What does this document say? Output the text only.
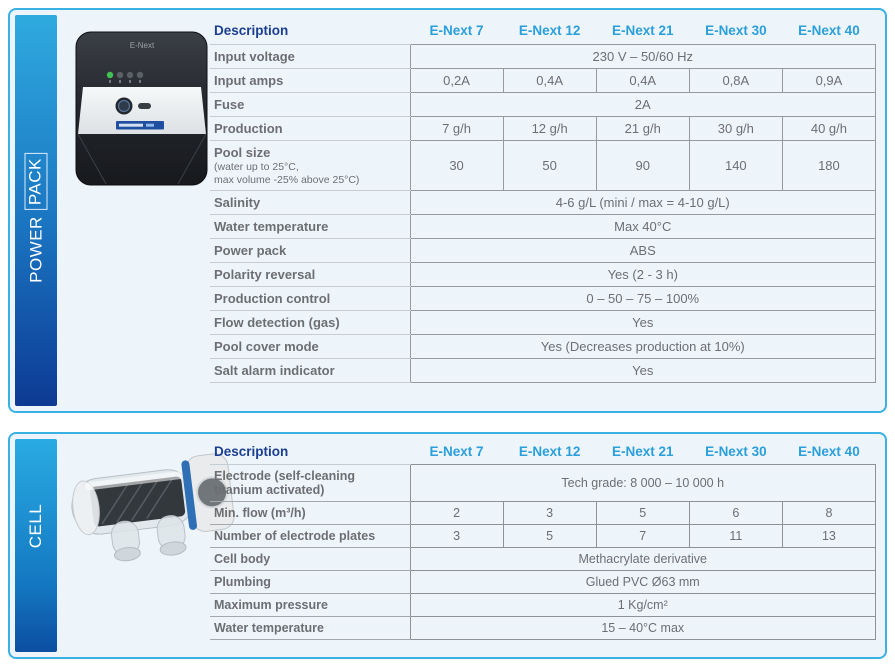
POWER
PACK
E-Next
Description	E-Next 7	E-Next 12	E-Next 21	E-Next 30	E-Next 40
Input voltage	230 V – 50/60 Hz				
Input amps	0,2A	0,4A	0,4A	0,8A	0,9A
Fuse	2A				
Production	7 g/h	12 g/h	21 g/h	30 g/h	40 g/h

Pool size
(water up to 25°C,
max volume -25% above 25°C)	30	50	90	140	180
Salinity	4-6 g/L (mini / max = 4-10 g/L)				
Water temperature	Max 40°C				
Power pack	ABS				
Polarity reversal	Yes (2 - 3 h)				
Production control	0 – 50 – 75 – 100%				
Flow detection (gas)	Yes				
Pool cover mode	Yes (Decreases production at 10%)				
Salt alarm indicator	Yes				
CELL
Description	E-Next 7	E-Next 12	E-Next 21	E-Next 30	E-Next 40
Electrode (self-cleaning titanium activated)	Tech grade: 8 000 – 10 000 h				
Min. flow (m³/h)	2	3	5	6	8
Number of electrode plates	3	5	7	11	13
Cell body	Methacrylate derivative				
Plumbing	Glued PVC Ø63 mm				
Maximum pressure	1 Kg/cm²				
Water temperature	15 – 40°C max				
